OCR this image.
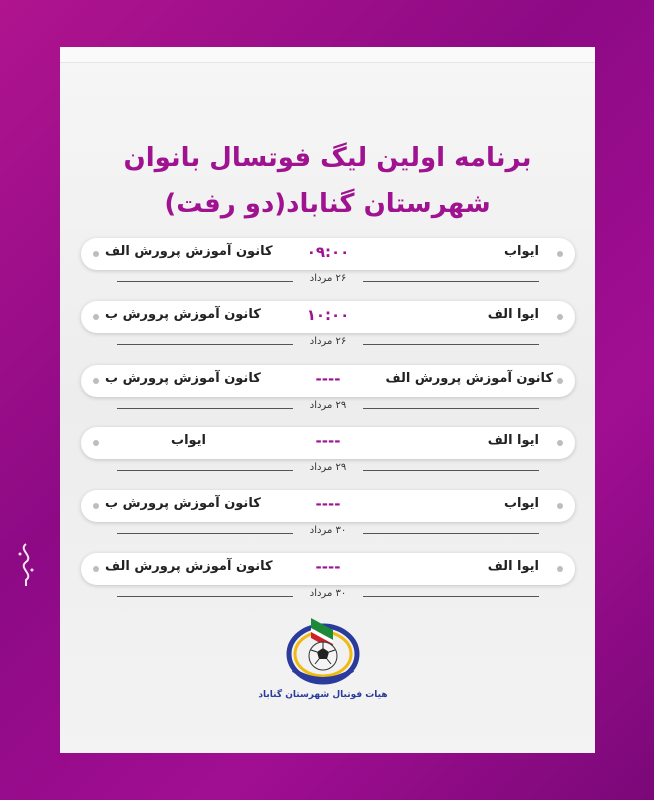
برنامه اولین لیگ فوتسال بانوان
شهرستان گناباد(دو رفت)
۰۹:۰۰	ایواب
کانون آموزش پرورش الف
۲۶ مرداد
۱۰:۰۰	ایوا الف
کانون آموزش پرورش ب
۲۶ مرداد
----	کانون آموزش پرورش الف
کانون آموزش پرورش ب
۲۹ مرداد
----	ایوا الف
ایواب
۲۹ مرداد
----	ایواب
کانون آموزش پرورش ب
۳۰ مرداد
----	ایوا الف
کانون آموزش پرورش الف
۳۰ مرداد
هیات فوتبال شهرستان گناباد
